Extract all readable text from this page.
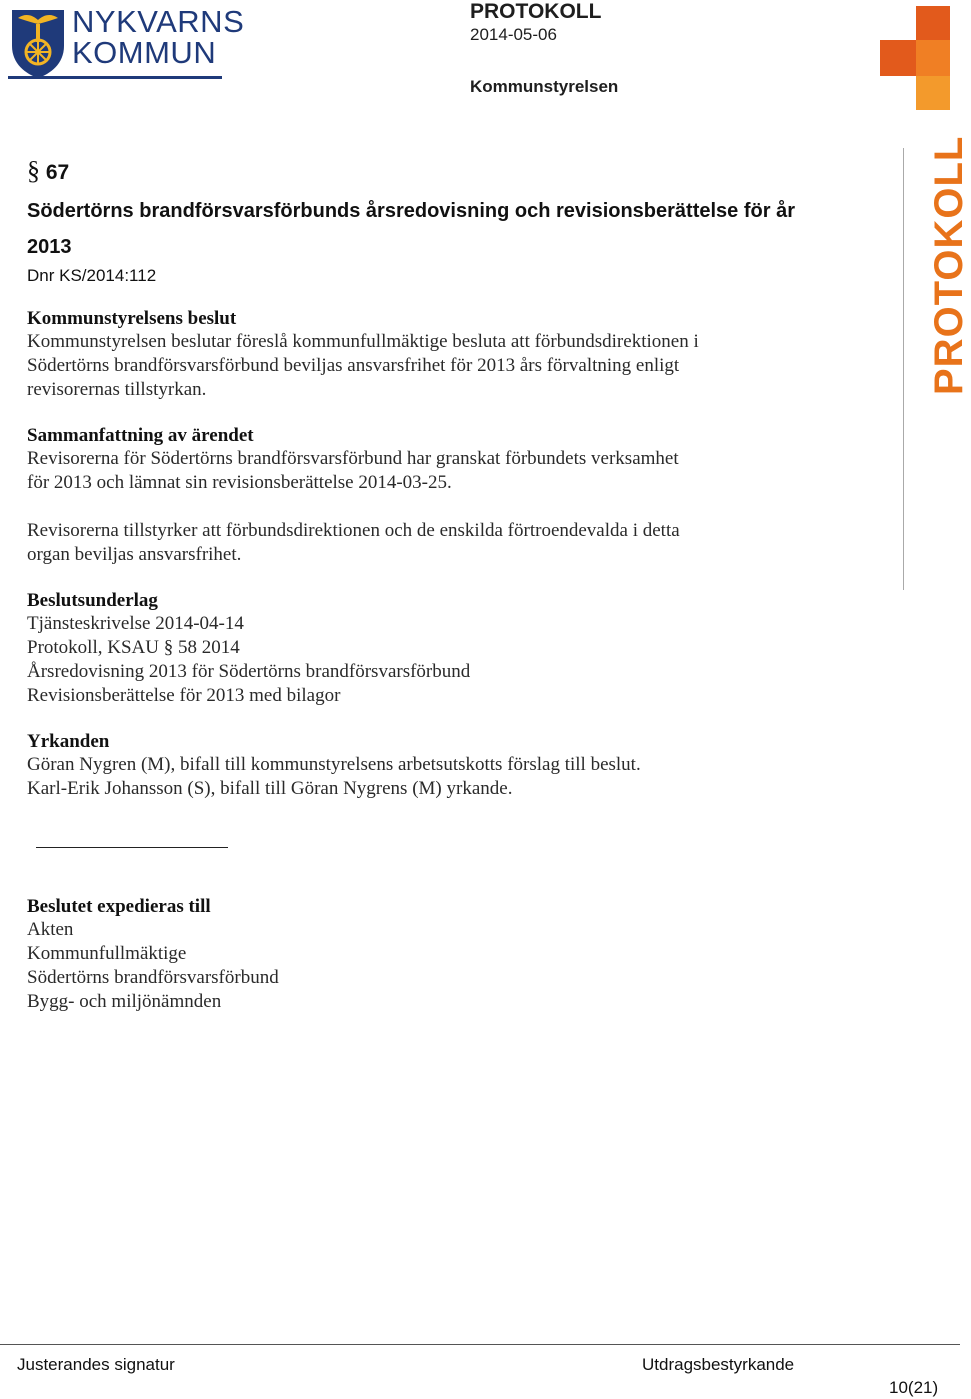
NYKVARNS
KOMMUN
PROTOKOLL
2014-05-06
Kommunstyrelsen
PROTOKOLL
§ 67
Södertörns brandförsvarsförbunds årsredovisning och revisionsberättelse för år
2013
Dnr KS/2014:112
Kommunstyrelsens beslut
Kommunstyrelsen beslutar föreslå kommunfullmäktige besluta att förbundsdirektionen i
Södertörns brandförsvarsförbund beviljas ansvarsfrihet för 2013 års förvaltning enligt
revisorernas tillstyrkan.
Sammanfattning av ärendet
Revisorerna för Södertörns brandförsvarsförbund har granskat förbundets verksamhet
för 2013 och lämnat sin revisionsberättelse 2014-03-25.
Revisorerna tillstyrker att förbundsdirektionen och de enskilda förtroendevalda i detta
organ beviljas ansvarsfrihet.
Beslutsunderlag
Tjänsteskrivelse 2014-04-14
Protokoll, KSAU § 58 2014
Årsredovisning 2013 för Södertörns brandförsvarsförbund
Revisionsberättelse för 2013 med bilagor
Yrkanden
Göran Nygren (M), bifall till kommunstyrelsens arbetsutskotts förslag till beslut.
Karl-Erik Johansson (S), bifall till Göran Nygrens (M) yrkande.
Beslutet expedieras till
Akten
Kommunfullmäktige
Södertörns brandförsvarsförbund
Bygg- och miljönämnden
Justerandes signatur	Utdragsbestyrkande
10(21)
